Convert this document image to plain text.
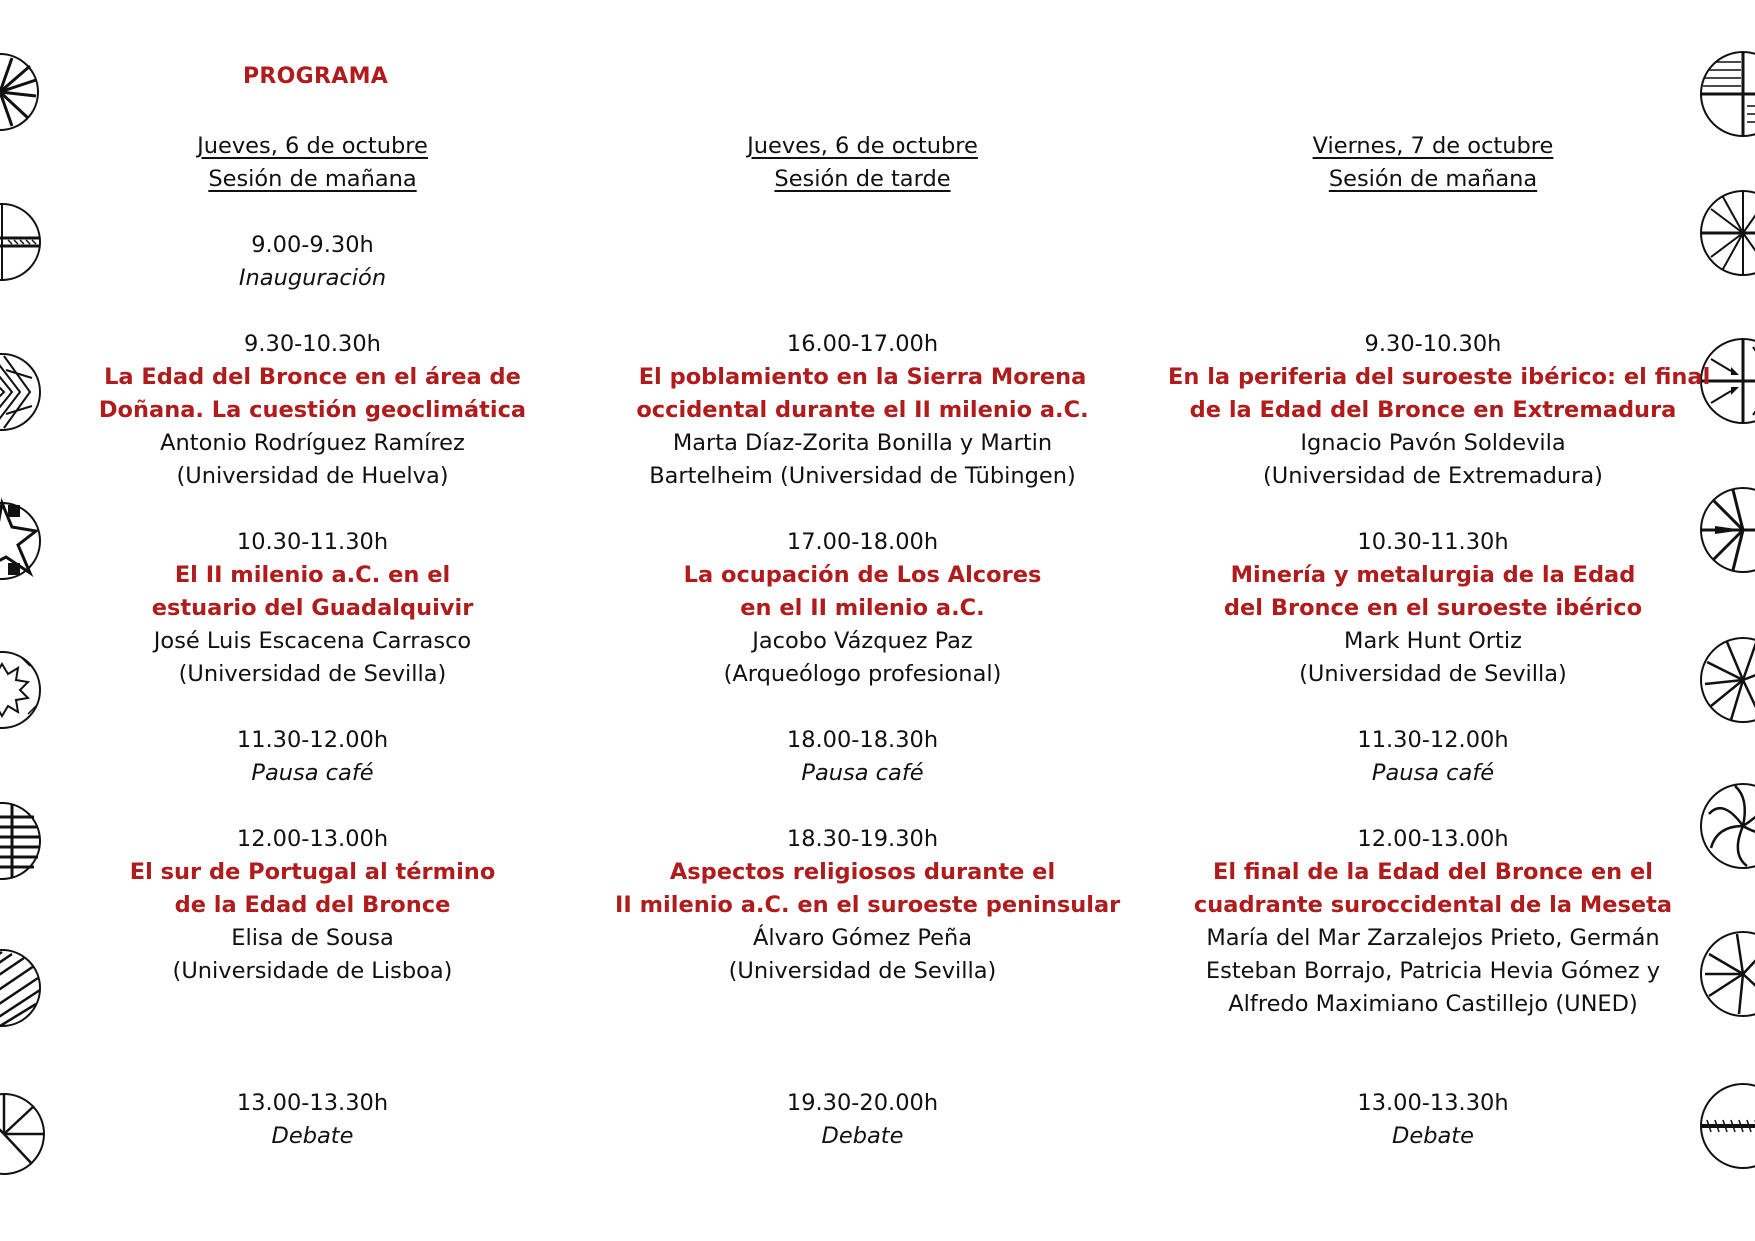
PROGRAMA
Jueves, 6 de octubre
Sesión de mañana
9.00-9.30h
Inauguración
9.30-10.30h
La Edad del Bronce en el área de
Doñana. La cuestión geoclimática
Antonio Rodríguez Ramírez
(Universidad de Huelva)
10.30-11.30h
El II milenio a.C. en el
estuario del Guadalquivir
José Luis Escacena Carrasco
(Universidad de Sevilla)
11.30-12.00h
Pausa café
12.00-13.00h
El sur de Portugal al término
de la Edad del Bronce
Elisa de Sousa
(Universidade de Lisboa)
13.00-13.30h
Debate
Jueves, 6 de octubre
Sesión de tarde
16.00-17.00h
El poblamiento en la Sierra Morena
occidental durante el II milenio a.C.
Marta Díaz-Zorita Bonilla y Martin
Bartelheim (Universidad de Tübingen)
17.00-18.00h
La ocupación de Los Alcores
en el II milenio a.C.
Jacobo Vázquez Paz
(Arqueólogo profesional)
18.00-18.30h
Pausa café
18.30-19.30h
Aspectos religiosos durante el
II milenio a.C. en el suroeste peninsular
Álvaro Gómez Peña
(Universidad de Sevilla)
19.30-20.00h
Debate
Viernes, 7 de octubre
Sesión de mañana
9.30-10.30h
En la periferia del suroeste ibérico: el final
de la Edad del Bronce en Extremadura
Ignacio Pavón Soldevila
(Universidad de Extremadura)
10.30-11.30h
Minería y metalurgia de la Edad
del Bronce en el suroeste ibérico
Mark Hunt Ortiz
(Universidad de Sevilla)
11.30-12.00h
Pausa café
12.00-13.00h
El final de la Edad del Bronce en el
cuadrante suroccidental de la Meseta
María del Mar Zarzalejos Prieto, Germán
Esteban Borrajo, Patricia Hevia Gómez y
Alfredo Maximiano Castillejo (UNED)
13.00-13.30h
Debate
